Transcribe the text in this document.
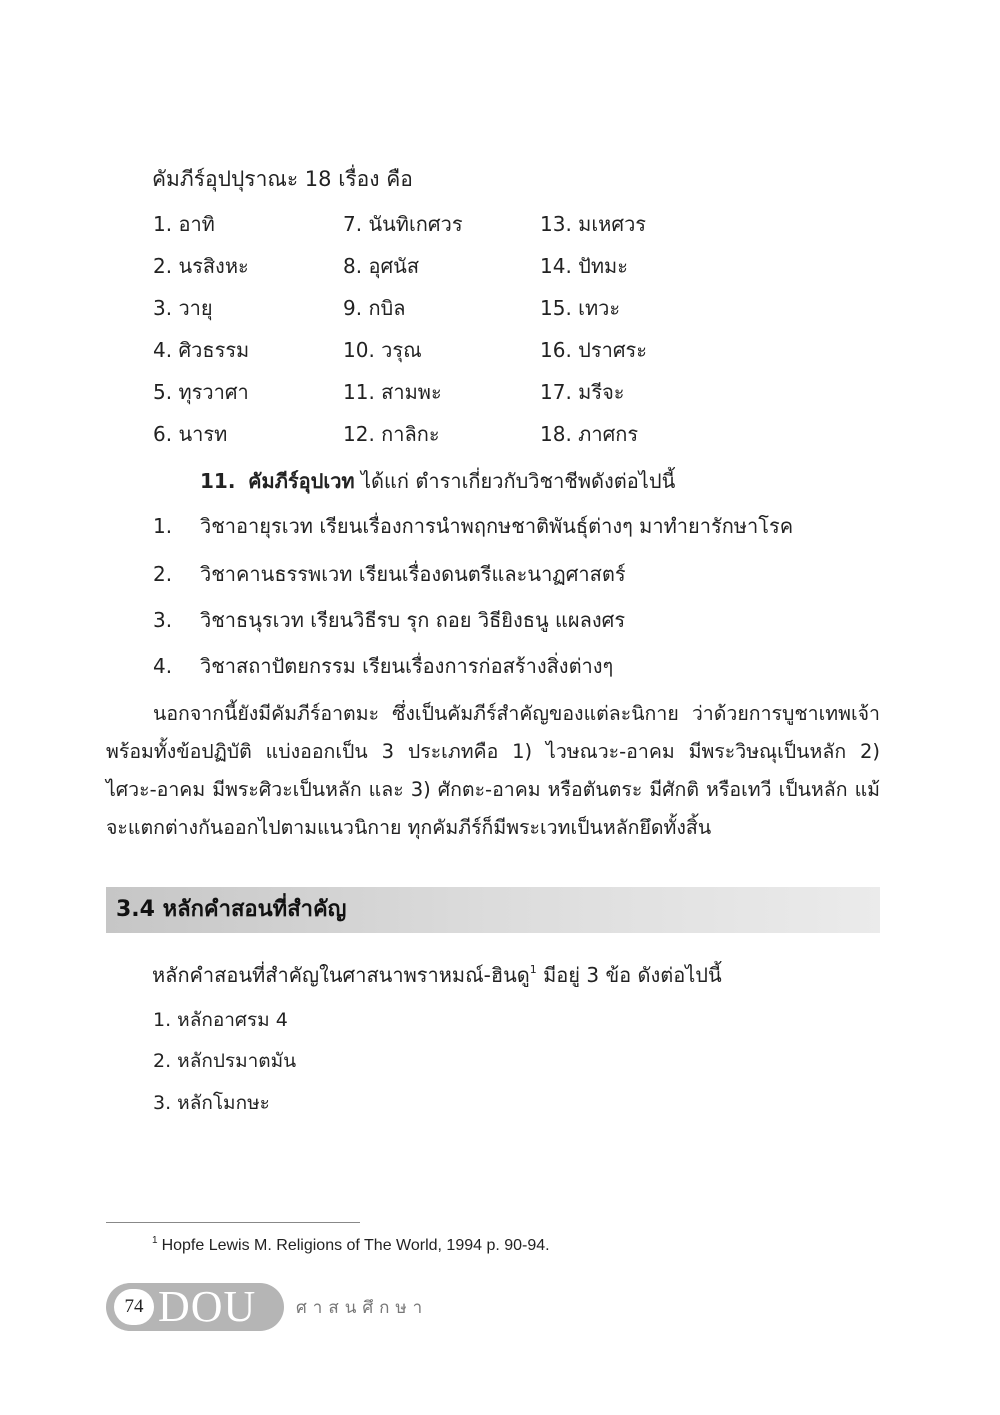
คัมภีร์อุปปุราณะ 18 เรื่อง คือ
1. อาทิ
2. นรสิงหะ
3. วายุ
4. ศิวธรรม
5. ทุรวาศา
6. นารท
7. นันทิเกศวร
8. อุศนัส
9. กบิล
10. วรุณ
11. สามพะ
12. กาลิกะ
13. มเหศวร
14. ปัทมะ
15. เทวะ
16. ปราศระ
17. มรีจะ
18. ภาศกร
11. คัมภีร์อุปเวท ได้แก่ ตำราเกี่ยวกับวิชาชีพดังต่อไปนี้
1. วิชาอายุรเวท เรียนเรื่องการนำพฤกษชาติพันธุ์ต่างๆ มาทำยารักษาโรค
2. วิชาคานธรรพเวท เรียนเรื่องดนตรีและนาฏศาสตร์
3. วิชาธนุรเวท เรียนวิธีรบ รุก ถอย วิธียิงธนู แผลงศร
4. วิชาสถาปัตยกรรม เรียนเรื่องการก่อสร้างสิ่งต่างๆ

นอกจากนี้ยังมีคัมภีร์อาตมะ ซึ่งเป็นคัมภีร์สำคัญของแต่ละนิกาย ว่าด้วยการบูชาเทพเจ้า พร้อมทั้งข้อปฏิบัติ แบ่งออกเป็น 3 ประเภทคือ 1) ไวษณวะ-อาคม มีพระวิษณุเป็นหลัก 2) ไศวะ-อาคม มีพระศิวะเป็นหลัก และ 3) ศักตะ-อาคม หรือตันตระ มีศักติ หรือเทวี เป็นหลัก แม้จะแตกต่างกันออกไปตามแนวนิกาย ทุกคัมภีร์ก็มีพระเวทเป็นหลักยึดทั้งสิ้น

3.4 หลักคำสอนที่สำคัญ
หลักคำสอนที่สำคัญในศาสนาพราหมณ์-ฮินดู$^1$ มีอยู่ 3 ข้อ ดังต่อไปนี้
1. หลักอาศรม 4
2. หลักปรมาตมัน
3. หลักโมกษะ
$^1$ Hopfe Lewis M. Religions of The World, 1994 p. 90-94.
74 DOU ศาสนศึกษา
